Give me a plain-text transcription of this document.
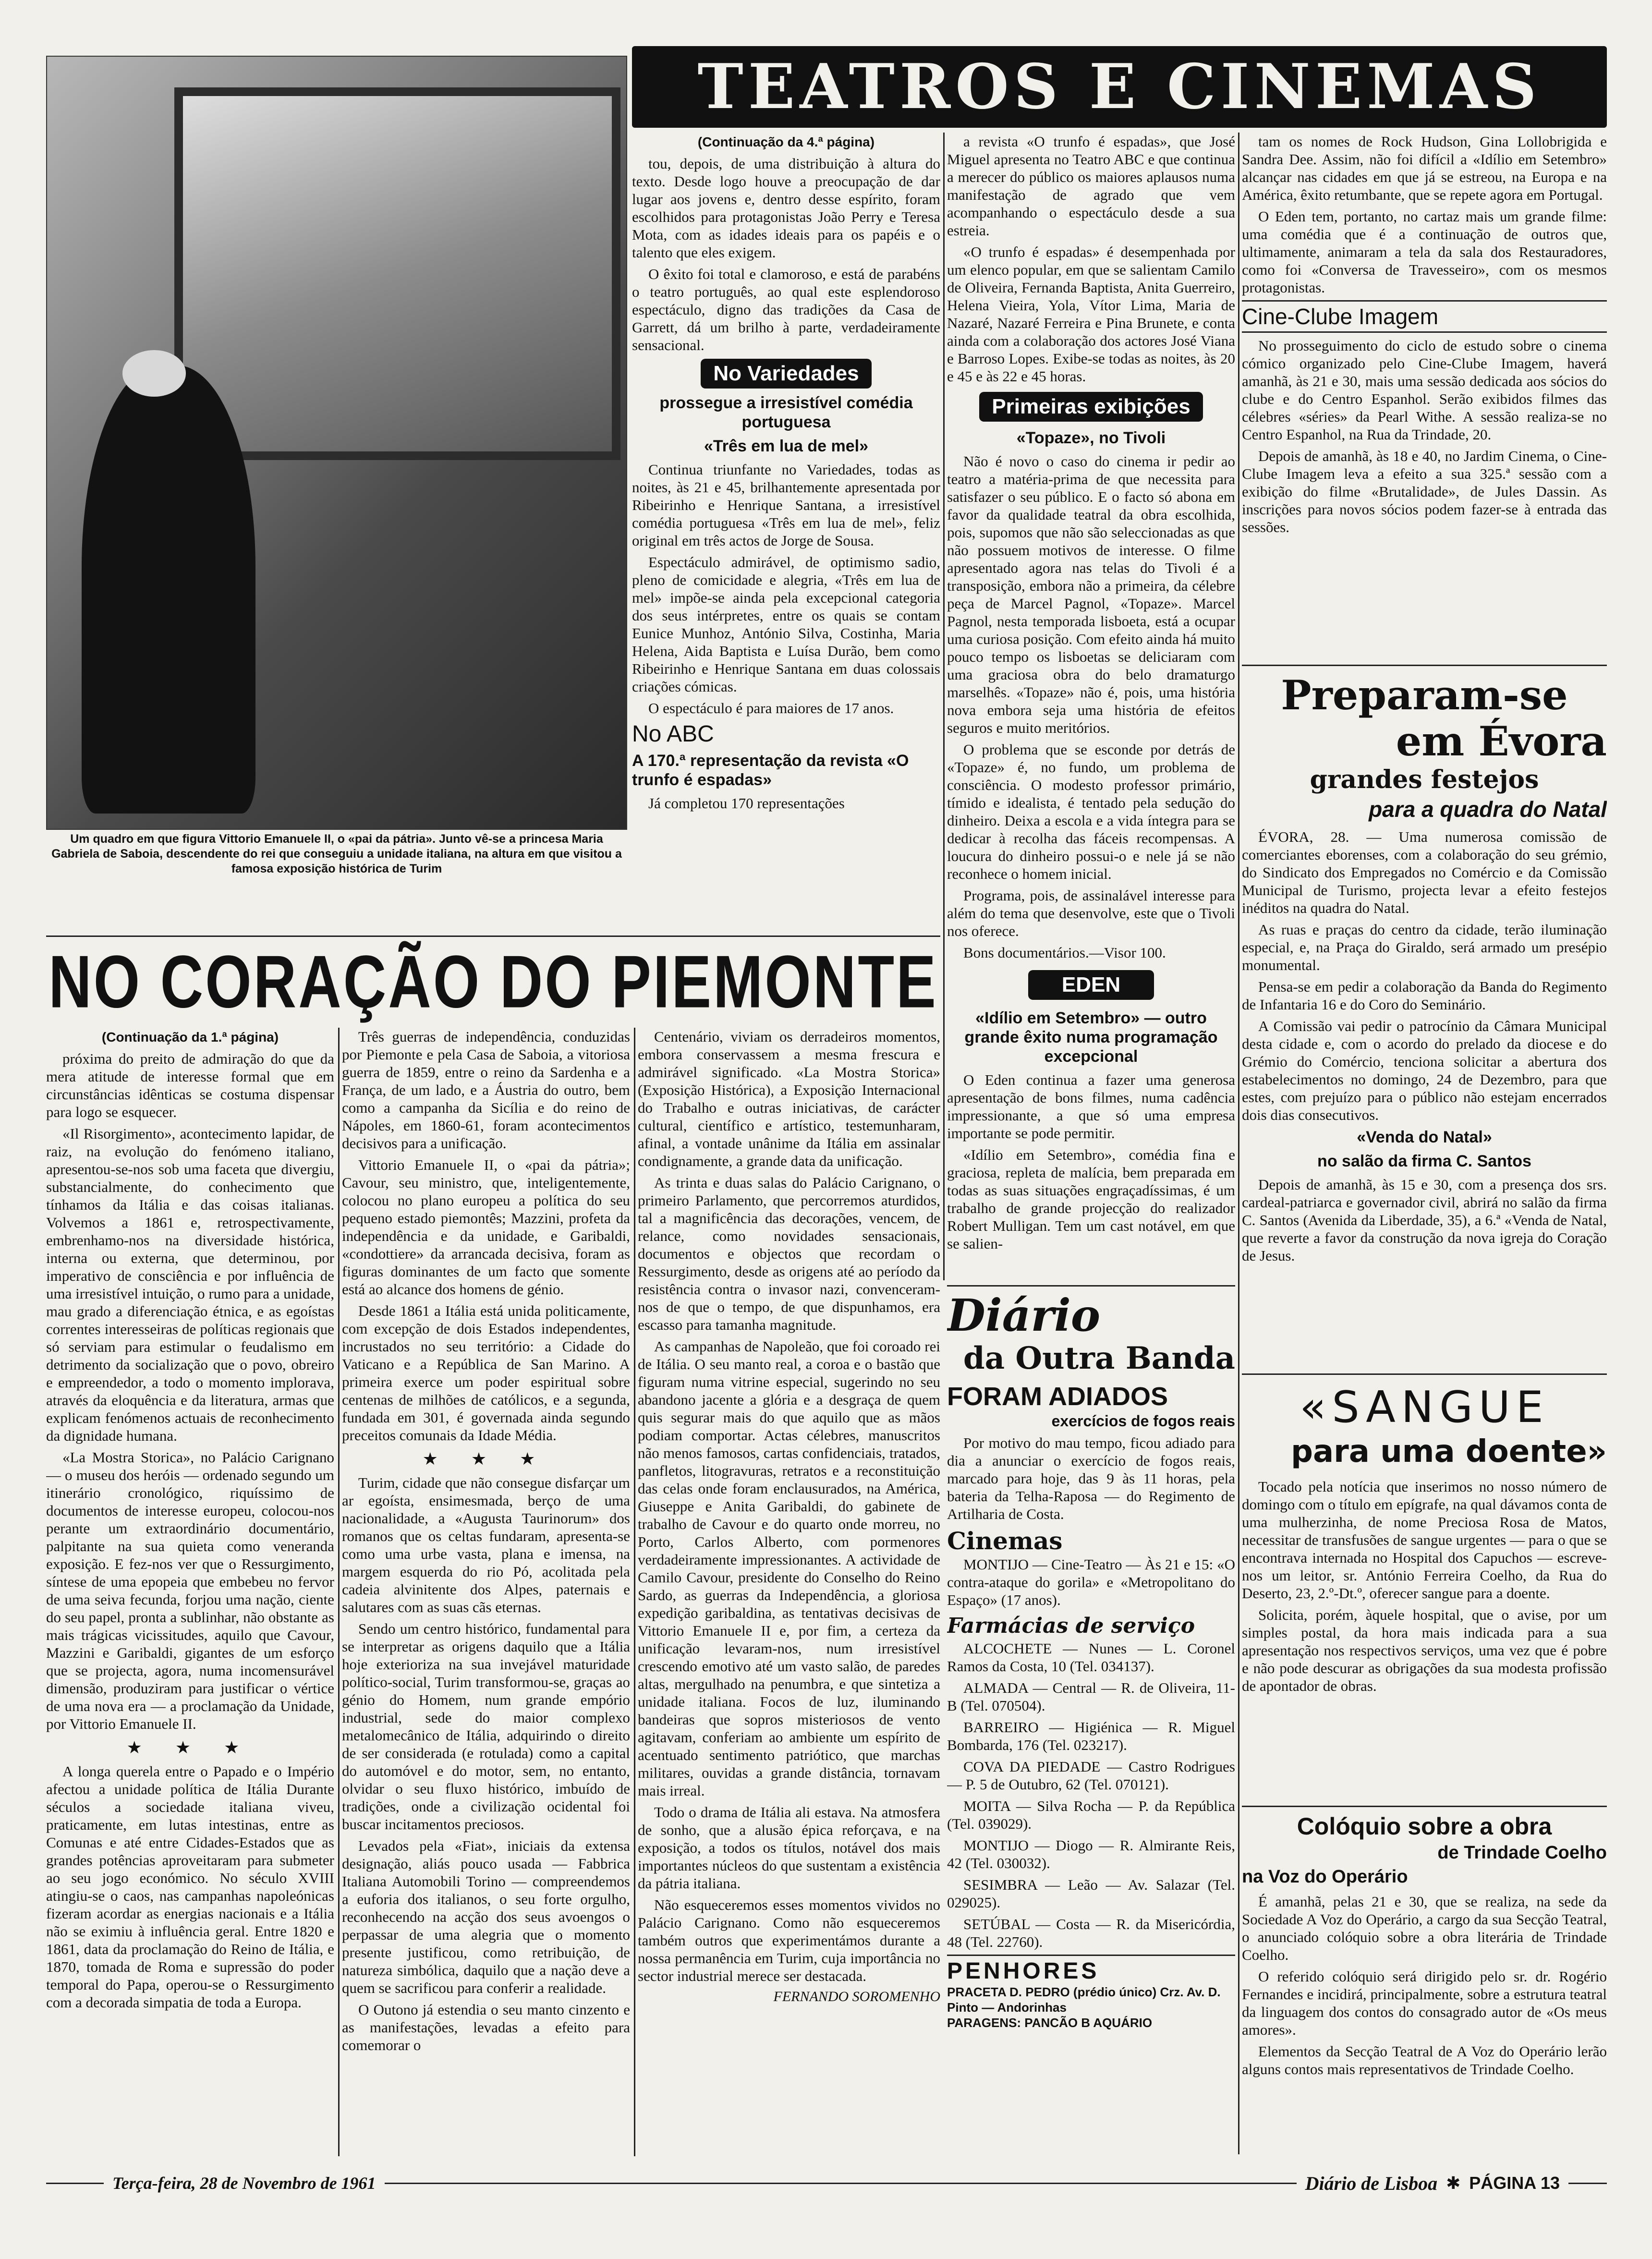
Um quadro em que figura Vittorio Emanuele II, o «pai da pátria». Junto vê-se a princesa Maria Gabriela de Saboia, descendente do rei que conseguiu a unidade italiana, na altura em que visitou a famosa exposição histórica de Turim
TEATROS E CINEMAS
(Continuação da 4.ª página)

tou, depois, de uma distribuição à altura do texto. Desde logo houve a preocupação de dar lugar aos jovens e, dentro desse espírito, foram escolhidos para protagonistas João Perry e Teresa Mota, com as idades ideais para os papéis e o talento que eles exigem.

O êxito foi total e clamoroso, e está de parabéns o teatro português, ao qual este esplendoroso espectáculo, digno das tradições da Casa de Garrett, dá um brilho à parte, verdadeiramente sensacional.

No Variedades
prossegue a irresistível comédia portuguesa
«Três em lua de mel»

Continua triunfante no Variedades, todas as noites, às 21 e 45, brilhantemente apresentada por Ribeirinho e Henrique Santana, a irresistível comédia portuguesa «Três em lua de mel», feliz original em três actos de Jorge de Sousa.

Espectáculo admirável, de optimismo sadio, pleno de comicidade e alegria, «Três em lua de mel» impõe-se ainda pela excepcional categoria dos seus intérpretes, entre os quais se contam Eunice Munhoz, António Silva, Costinha, Maria Helena, Aida Baptista e Luísa Durão, bem como Ribeirinho e Henrique Santana em duas colossais criações cómicas.

O espectáculo é para maiores de 17 anos.

No ABC
A 170.ª representação da revista «O trunfo é espadas»

Já completou 170 representações

a revista «O trunfo é espadas», que José Miguel apresenta no Teatro ABC e que continua a merecer do público os maiores aplausos numa manifestação de agrado que vem acompanhando o espectáculo desde a sua estreia.

«O trunfo é espadas» é desempenhada por um elenco popular, em que se salientam Camilo de Oliveira, Fernanda Baptista, Anita Guerreiro, Helena Vieira, Yola, Vítor Lima, Maria de Nazaré, Nazaré Ferreira e Pina Brunete, e conta ainda com a colaboração dos actores José Viana e Barroso Lopes. Exibe-se todas as noites, às 20 e 45 e às 22 e 45 horas.

Primeiras exibições
«Topaze», no Tivoli

Não é novo o caso do cinema ir pedir ao teatro a matéria-prima de que necessita para satisfazer o seu público. E o facto só abona em favor da qualidade teatral da obra escolhida, pois, supomos que não são seleccionadas as que não possuem motivos de interesse. O filme apresentado agora nas telas do Tivoli é a transposição, embora não a primeira, da célebre peça de Marcel Pagnol, «Topaze». Marcel Pagnol, nesta temporada lisboeta, está a ocupar uma curiosa posição. Com efeito ainda há muito pouco tempo os lisboetas se deliciaram com uma graciosa obra do belo dramaturgo marselhês. «Topaze» não é, pois, uma história nova embora seja uma história de efeitos seguros e muito meritórios.

O problema que se esconde por detrás de «Topaze» é, no fundo, um problema de consciência. O modesto professor primário, tímido e idealista, é tentado pela sedução do dinheiro. Deixa a escola e a vida íntegra para se dedicar à recolha das fáceis recompensas. A loucura do dinheiro possui-o e nele já se não reconhece o homem inicial.

Programa, pois, de assinalável interesse para além do tema que desenvolve, este que o Tivoli nos oferece.

Bons documentários.—Visor 100.

EDEN
«Idílio em Setembro» — outro grande êxito numa programação excepcional

O Eden continua a fazer uma generosa apresentação de bons filmes, numa cadência impressionante, a que só uma empresa importante se pode permitir.

«Idílio em Setembro», comédia fina e graciosa, repleta de malícia, bem preparada em todas as suas situações engraçadíssimas, é um trabalho de grande projecção do realizador Robert Mulligan. Tem um cast notável, em que se salien-

tam os nomes de Rock Hudson, Gina Lollobrigida e Sandra Dee. Assim, não foi difícil a «Idílio em Setembro» alcançar nas cidades em que já se estreou, na Europa e na América, êxito retumbante, que se repete agora em Portugal.

O Eden tem, portanto, no cartaz mais um grande filme: uma comédia que é a continuação de outros que, ultimamente, animaram a tela da sala dos Restauradores, como foi «Conversa de Travesseiro», com os mesmos protagonistas.

Cine-Clube Imagem

No prosseguimento do ciclo de estudo sobre o cinema cómico organizado pelo Cine-Clube Imagem, haverá amanhã, às 21 e 30, mais uma sessão dedicada aos sócios do clube e do Centro Espanhol. Serão exibidos filmes das célebres «séries» da Pearl Withe. A sessão realiza-se no Centro Espanhol, na Rua da Trindade, 20.

Depois de amanhã, às 18 e 40, no Jardim Cinema, o Cine-Clube Imagem leva a efeito a sua 325.ª sessão com a exibição do filme «Brutalidade», de Jules Dassin. As inscrições para novos sócios podem fazer-se à entrada das sessões.

Preparam-se
em Évora
grandes festejos
para a quadra do Natal

ÉVORA, 28. — Uma numerosa comissão de comerciantes eborenses, com a colaboração do seu grémio, do Sindicato dos Empregados no Comércio e da Comissão Municipal de Turismo, projecta levar a efeito festejos inéditos na quadra do Natal.

As ruas e praças do centro da cidade, terão iluminação especial, e, na Praça do Giraldo, será armado um presépio monumental.

Pensa-se em pedir a colaboração da Banda do Regimento de Infantaria 16 e do Coro do Seminário.

A Comissão vai pedir o patrocínio da Câmara Municipal desta cidade e, com o acordo do prelado da diocese e do Grémio do Comércio, tenciona solicitar a abertura dos estabelecimentos no domingo, 24 de Dezembro, para que estes, com prejuízo para o público não estejam encerrados dois dias consecutivos.

«Venda do Natal»
no salão da firma C. Santos

Depois de amanhã, às 15 e 30, com a presença dos srs. cardeal-patriarca e governador civil, abrirá no salão da firma C. Santos (Avenida da Liberdade, 35), a 6.ª «Venda de Natal, que reverte a favor da construção da nova igreja do Coração de Jesus.

«SANGUE
para uma doente»

Tocado pela notícia que inserimos no nosso número de domingo com o título em epígrafe, na qual dávamos conta de uma mulherzinha, de nome Preciosa Rosa de Matos, necessitar de transfusões de sangue urgentes — para o que se encontrava internada no Hospital dos Capuchos — escreve-nos um leitor, sr. António Ferreira Coelho, da Rua do Deserto, 23, 2.º-Dt.º, oferecer sangue para a doente.

Solicita, porém, àquele hospital, que o avise, por um simples postal, da hora mais indicada para a sua apresentação nos respectivos serviços, uma vez que é pobre e não pode descurar as obrigações da sua modesta profissão de apontador de obras.

Colóquio sobre a obra
de Trindade Coelho
na Voz do Operário

É amanhã, pelas 21 e 30, que se realiza, na sede da Sociedade A Voz do Operário, a cargo da sua Secção Teatral, o anunciado colóquio sobre a obra literária de Trindade Coelho.

O referido colóquio será dirigido pelo sr. dr. Rogério Fernandes e incidirá, principalmente, sobre a estrutura teatral da linguagem dos contos do consagrado autor de «Os meus amores».

Elementos da Secção Teatral de A Voz do Operário lerão alguns contos mais representativos de Trindade Coelho.

Diário
da Outra Banda
FORAM ADIADOS
exercícios de fogos reais

Por motivo do mau tempo, ficou adiado para dia a anunciar o exercício de fogos reais, marcado para hoje, das 9 às 11 horas, pela bateria da Telha-Raposa — do Regimento de Artilharia de Costa.

Cinemas

MONTIJO — Cine-Teatro — Às 21 e 15: «O contra-ataque do gorila» e «Metropolitano do Espaço» (17 anos).

Farmácias de serviço

ALCOCHETE — Nunes — L. Coronel Ramos da Costa, 10 (Tel. 034137).

ALMADA — Central — R. de Oliveira, 11-B (Tel. 070504).

BARREIRO — Higiénica — R. Miguel Bombarda, 176 (Tel. 023217).

COVA DA PIEDADE — Castro Rodrigues — P. 5 de Outubro, 62 (Tel. 070121).

MOITA — Silva Rocha — P. da República (Tel. 039029).

MONTIJO — Diogo — R. Almirante Reis, 42 (Tel. 030032).

SESIMBRA — Leão — Av. Salazar (Tel. 029025).

SETÚBAL — Costa — R. da Misericórdia, 48 (Tel. 22760).

PENHORES
PRACETA D. PEDRO (prédio único) Crz. Av. D. Pinto — Andorinhas
PARAGENS: PANCÃO B AQUÁRIO
NO CORAÇÃO DO PIEMONTE
(Continuação da 1.ª página)

próxima do preito de admiração do que da mera atitude de interesse formal que em circunstâncias idênticas se costuma dispensar para logo se esquecer.

«Il Risorgimento», acontecimento lapidar, de raiz, na evolução do fenómeno italiano, apresentou-se-nos sob uma faceta que divergiu, substancialmente, do conhecimento que tínhamos da Itália e das coisas italianas. Volvemos a 1861 e, retrospectivamente, embrenhamo-nos na diversidade histórica, interna ou externa, que determinou, por imperativo de consciência e por influência de uma irresistível intuição, o rumo para a unidade, mau grado a diferenciação étnica, e as egoístas correntes interesseiras de políticas regionais que só serviam para estimular o feudalismo em detrimento da socialização que o povo, obreiro e empreendedor, a todo o momento implorava, através da eloquência e da literatura, armas que explicam fenómenos actuais de reconhecimento da dignidade humana.

«La Mostra Storica», no Palácio Carignano — o museu dos heróis — ordenado segundo um itinerário cronológico, riquíssimo de documentos de interesse europeu, colocou-nos perante um extraordinário documentário, palpitante na sua quieta como veneranda exposição. E fez-nos ver que o Ressurgimento, síntese de uma epopeia que embebeu no fervor de uma seiva fecunda, forjou uma nação, ciente do seu papel, pronta a sublinhar, não obstante as mais trágicas vicissitudes, aquilo que Cavour, Mazzini e Garibaldi, gigantes de um esforço que se projecta, agora, numa incomensurável dimensão, produziram para justificar o vértice de uma nova era — a proclamação da Unidade, por Vittorio Emanuele II.

★ ★ ★

A longa querela entre o Papado e o Império afectou a unidade política de Itália Durante séculos a sociedade italiana viveu, praticamente, em lutas intestinas, entre as Comunas e até entre Cidades-Estados que as grandes potências aproveitaram para submeter ao seu jogo económico. No século XVIII atingiu-se o caos, nas campanhas napoleónicas fizeram acordar as energias nacionais e a Itália não se eximiu à influência geral. Entre 1820 e 1861, data da proclamação do Reino de Itália, e 1870, tomada de Roma e supressão do poder temporal do Papa, operou-se o Ressurgimento com a decorada simpatia de toda a Europa.

Três guerras de independência, conduzidas por Piemonte e pela Casa de Saboia, a vitoriosa guerra de 1859, entre o reino da Sardenha e a França, de um lado, e a Áustria do outro, bem como a campanha da Sicília e do reino de Nápoles, em 1860-61, foram acontecimentos decisivos para a unificação.

Vittorio Emanuele II, o «pai da pátria»; Cavour, seu ministro, que, inteligentemente, colocou no plano europeu a política do seu pequeno estado piemontês; Mazzini, profeta da independência e da unidade, e Garibaldi, «condottiere» da arrancada decisiva, foram as figuras dominantes de um facto que somente está ao alcance dos homens de génio.

Desde 1861 a Itália está unida politicamente, com excepção de dois Estados independentes, incrustados no seu território: a Cidade do Vaticano e a República de San Marino. A primeira exerce um poder espiritual sobre centenas de milhões de católicos, e a segunda, fundada em 301, é governada ainda segundo preceitos comunais da Idade Média.

★ ★ ★

Turim, cidade que não consegue disfarçar um ar egoísta, ensimesmada, berço de uma nacionalidade, a «Augusta Taurinorum» dos romanos que os celtas fundaram, apresenta-se como uma urbe vasta, plana e imensa, na margem esquerda do rio Pó, acolitada pela cadeia alvinitente dos Alpes, paternais e salutares com as suas cãs eternas.

Sendo um centro histórico, fundamental para se interpretar as origens daquilo que a Itália hoje exterioriza na sua invejável maturidade político-social, Turim transformou-se, graças ao génio do Homem, num grande empório industrial, sede do maior complexo metalomecânico de Itália, adquirindo o direito de ser considerada (e rotulada) como a capital do automóvel e do motor, sem, no entanto, olvidar o seu fluxo histórico, imbuído de tradições, onde a civilização ocidental foi buscar incitamentos preciosos.

Levados pela «Fiat», iniciais da extensa designação, aliás pouco usada — Fabbrica Italiana Automobili Torino — compreendemos a euforia dos italianos, o seu forte orgulho, reconhecendo na acção dos seus avoengos o perpassar de uma alegria que o momento presente justificou, como retribuição, de natureza simbólica, daquilo que a nação deve a quem se sacrificou para conferir a realidade.

O Outono já estendia o seu manto cinzento e as manifestações, levadas a efeito para comemorar o

Centenário, viviam os derradeiros momentos, embora conservassem a mesma frescura e admirável significado. «La Mostra Storica» (Exposição Histórica), a Exposição Internacional do Trabalho e outras iniciativas, de carácter cultural, científico e artístico, testemunharam, afinal, a vontade unânime da Itália em assinalar condignamente, a grande data da unificação.

As trinta e duas salas do Palácio Carignano, o primeiro Parlamento, que percorremos aturdidos, tal a magnificência das decorações, vencem, de relance, como novidades sensacionais, documentos e objectos que recordam o Ressurgimento, desde as origens até ao período da resistência contra o invasor nazi, convenceram-nos de que o tempo, de que dispunhamos, era escasso para tamanha magnitude.

As campanhas de Napoleão, que foi coroado rei de Itália. O seu manto real, a coroa e o bastão que figuram numa vitrine especial, sugerindo no seu abandono jacente a glória e a desgraça de quem quis segurar mais do que aquilo que as mãos podiam comportar. Actas célebres, manuscritos não menos famosos, cartas confidenciais, tratados, panfletos, litogravuras, retratos e a reconstituição das celas onde foram enclausurados, na América, Giuseppe e Anita Garibaldi, do gabinete de trabalho de Cavour e do quarto onde morreu, no Porto, Carlos Alberto, com pormenores verdadeiramente impressionantes. A actividade de Camilo Cavour, presidente do Conselho do Reino Sardo, as guerras da Independência, a gloriosa expedição garibaldina, as tentativas decisivas de Vittorio Emanuele II e, por fim, a certeza da unificação levaram-nos, num irresistível crescendo emotivo até um vasto salão, de paredes altas, mergulhado na penumbra, e que sintetiza a unidade italiana. Focos de luz, iluminando bandeiras que sopros misteriosos de vento agitavam, conferiam ao ambiente um espírito de acentuado sentimento patriótico, que marchas militares, ouvidas a grande distância, tornavam mais irreal.

Todo o drama de Itália ali estava. Na atmosfera de sonho, que a alusão épica reforçava, e na exposição, a todos os títulos, notável dos mais importantes núcleos do que sustentam a existência da pátria italiana.

Não esqueceremos esses momentos vividos no Palácio Carignano. Como não esqueceremos também outros que experimentámos durante a nossa permanência em Turim, cuja importância no sector industrial merece ser destacada.

FERNANDO SOROMENHO
Terça-feira, 28 de Novembro de 1961	Diário de Lisboa ✱ PÁGINA 13
